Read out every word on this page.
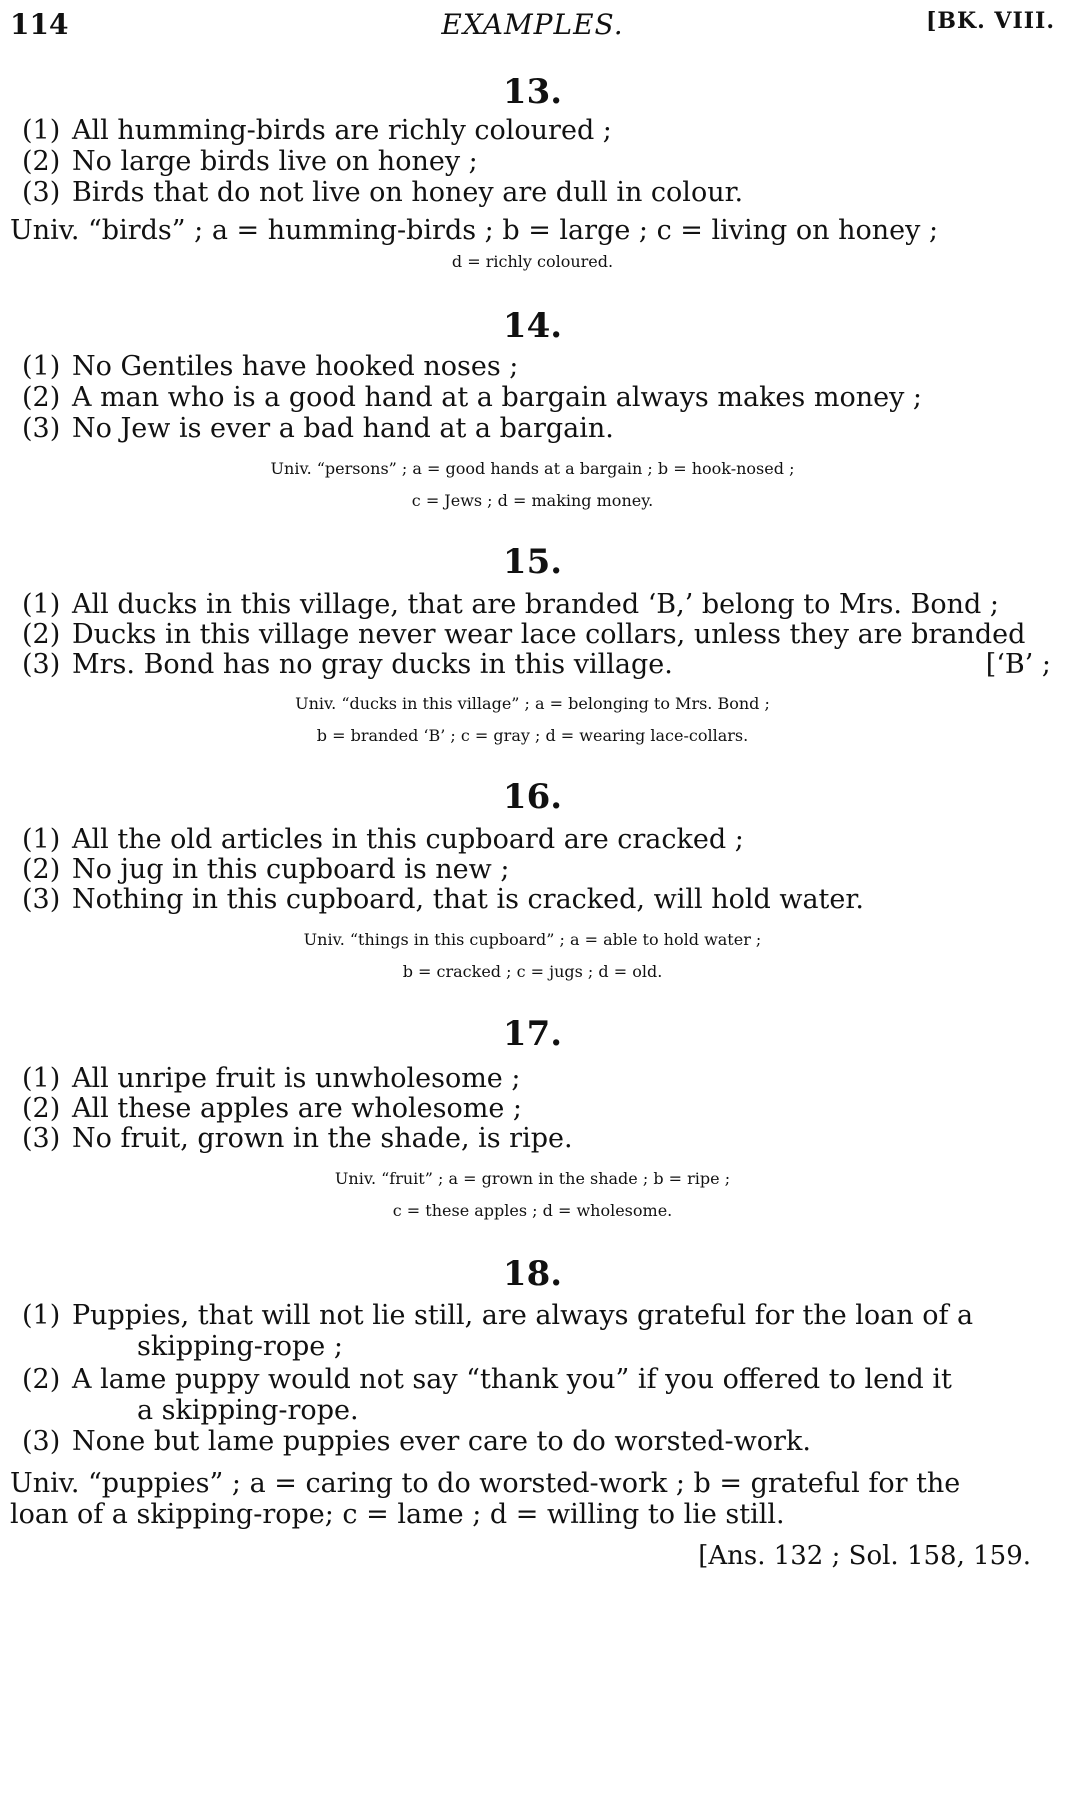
114	EXAMPLES.	[BK. VIII.
13.
(1) All humming-birds are richly coloured ;
(2) No large birds live on honey ;
(3) Birds that do not live on honey are dull in colour.
Univ. “birds” ; a = humming-birds ; b = large ; c = living on honey ;
d = richly coloured.
14.
(1) No Gentiles have hooked noses ;
(2) A man who is a good hand at a bargain always makes money ;
(3) No Jew is ever a bad hand at a bargain.
Univ. “persons” ; a = good hands at a bargain ; b = hook-nosed ;
c = Jews ; d = making money.
15.
(1) All ducks in this village, that are branded ‘B,’ belong to Mrs. Bond ;
(2) Ducks in this village never wear lace collars, unless they are branded
(3) Mrs. Bond has no gray ducks in this village.	[‘B’ ;
Univ. “ducks in this village” ; a = belonging to Mrs. Bond ;
b = branded ‘B’ ; c = gray ; d = wearing lace-collars.
16.
(1) All the old articles in this cupboard are cracked ;
(2) No jug in this cupboard is new ;
(3) Nothing in this cupboard, that is cracked, will hold water.
Univ. “things in this cupboard” ; a = able to hold water ;
b = cracked ; c = jugs ; d = old.
17.
(1) All unripe fruit is unwholesome ;
(2) All these apples are wholesome ;
(3) No fruit, grown in the shade, is ripe.
Univ. “fruit” ; a = grown in the shade ; b = ripe ;
c = these apples ; d = wholesome.
18.
(1) Puppies, that will not lie still, are always grateful for the loan of a
skipping-rope ;
(2) A lame puppy would not say “thank you” if you offered to lend it
a skipping-rope.
(3) None but lame puppies ever care to do worsted-work.
Univ. “puppies” ; a = caring to do worsted-work ; b = grateful for the
loan of a skipping-rope; c = lame ; d = willing to lie still.
[Ans. 132 ; Sol. 158, 159.
